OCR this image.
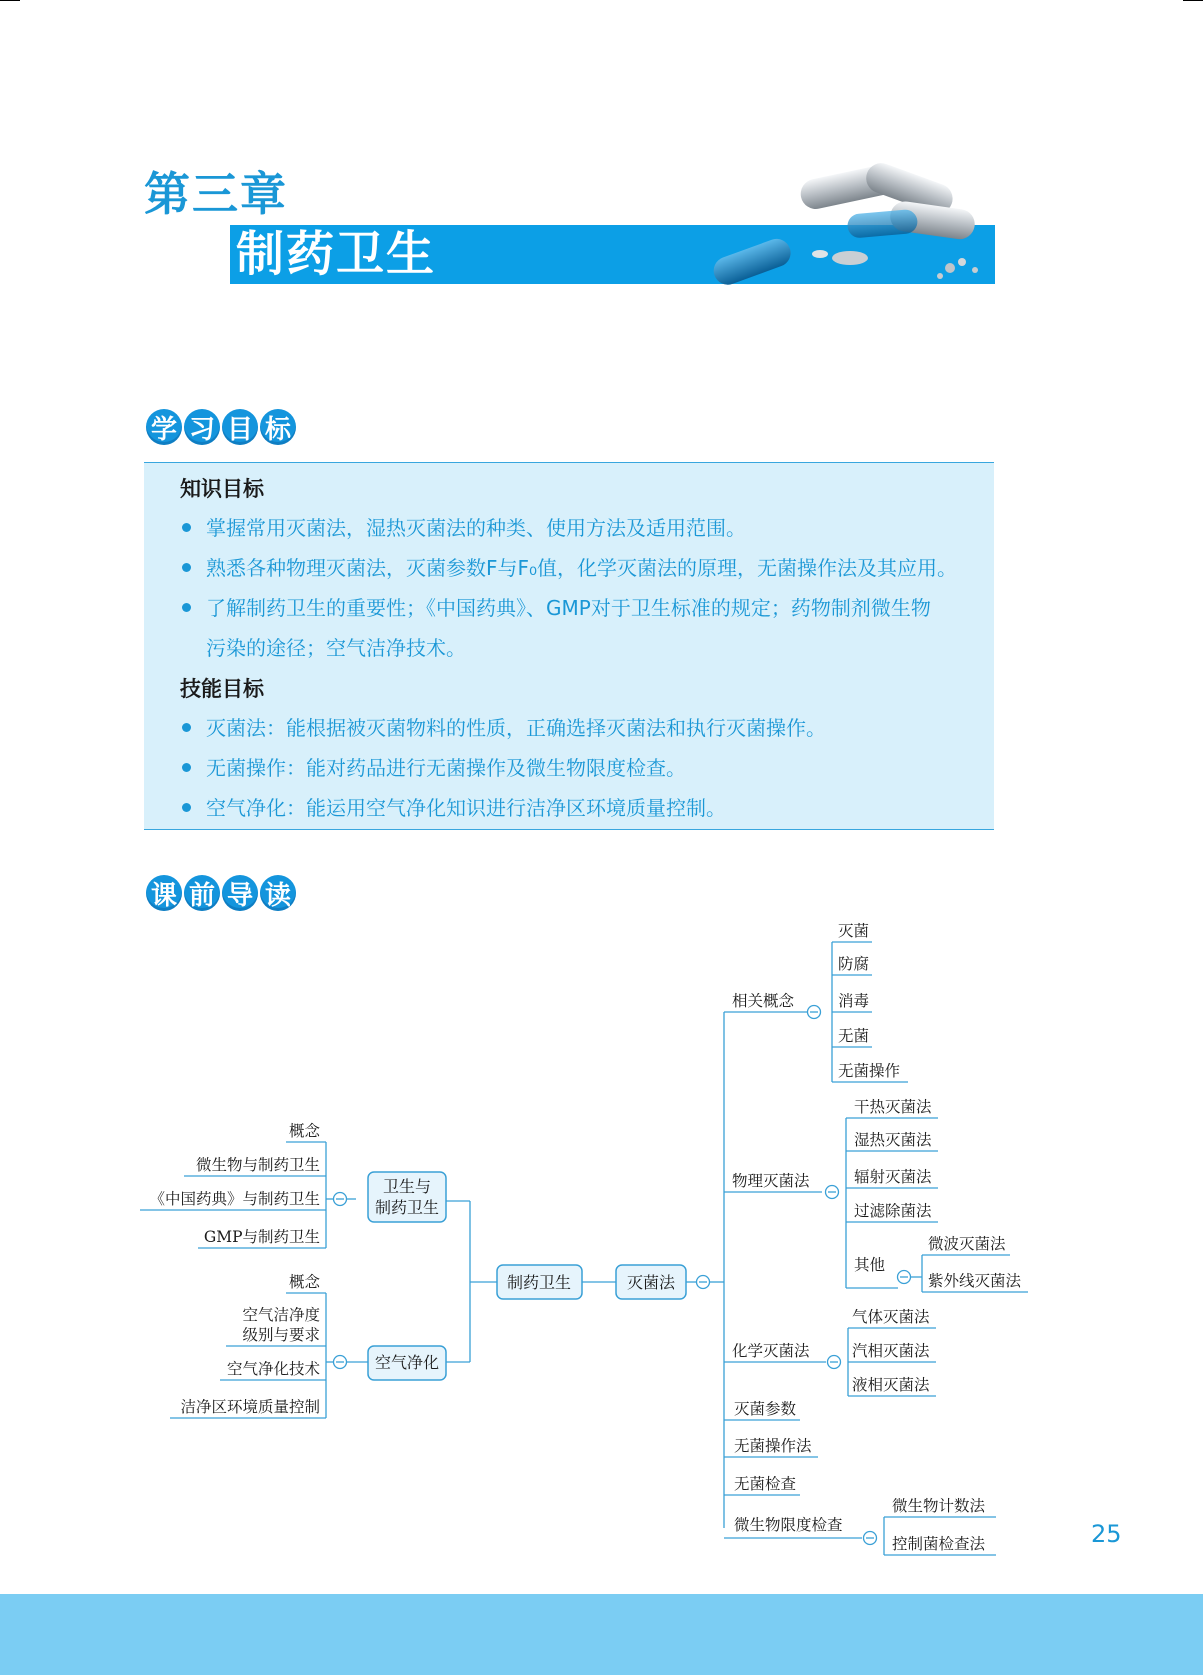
第三章
制药卫生
学 习 目 标
知识目标
掌握常用灭菌法，湿热灭菌法的种类、使用方法及适用范围。
熟悉各种物理灭菌法，灭菌参数F与F₀值，化学灭菌法的原理，无菌操作法及其应用。
了解制药卫生的重要性；《中国药典》、GMP对于卫生标准的规定；药物制剂微生物
污染的途径；空气洁净技术。
技能目标
灭菌法：能根据被灭菌物料的性质，正确选择灭菌法和执行灭菌操作。
无菌操作：能对药品进行无菌操作及微生物限度检查。
空气净化：能运用空气净化知识进行洁净区环境质量控制。
课 前 导 读
制药卫生	灭菌法
卫生与
制药卫生
空气净化
相关概念
灭菌
防腐
消毒
无菌
无菌操作
物理灭菌法
干热灭菌法
湿热灭菌法
辐射灭菌法
过滤除菌法
其他
微波灭菌法
紫外线灭菌法
化学灭菌法
气体灭菌法
汽相灭菌法
液相灭菌法
灭菌参数
无菌操作法
无菌检查
微生物限度检查
微生物计数法
控制菌检查法
概念
微生物与制药卫生
《中国药典》与制药卫生
GMP与制药卫生
概念
空气洁净度
级别与要求
空气净化技术
洁净区环境质量控制
25
